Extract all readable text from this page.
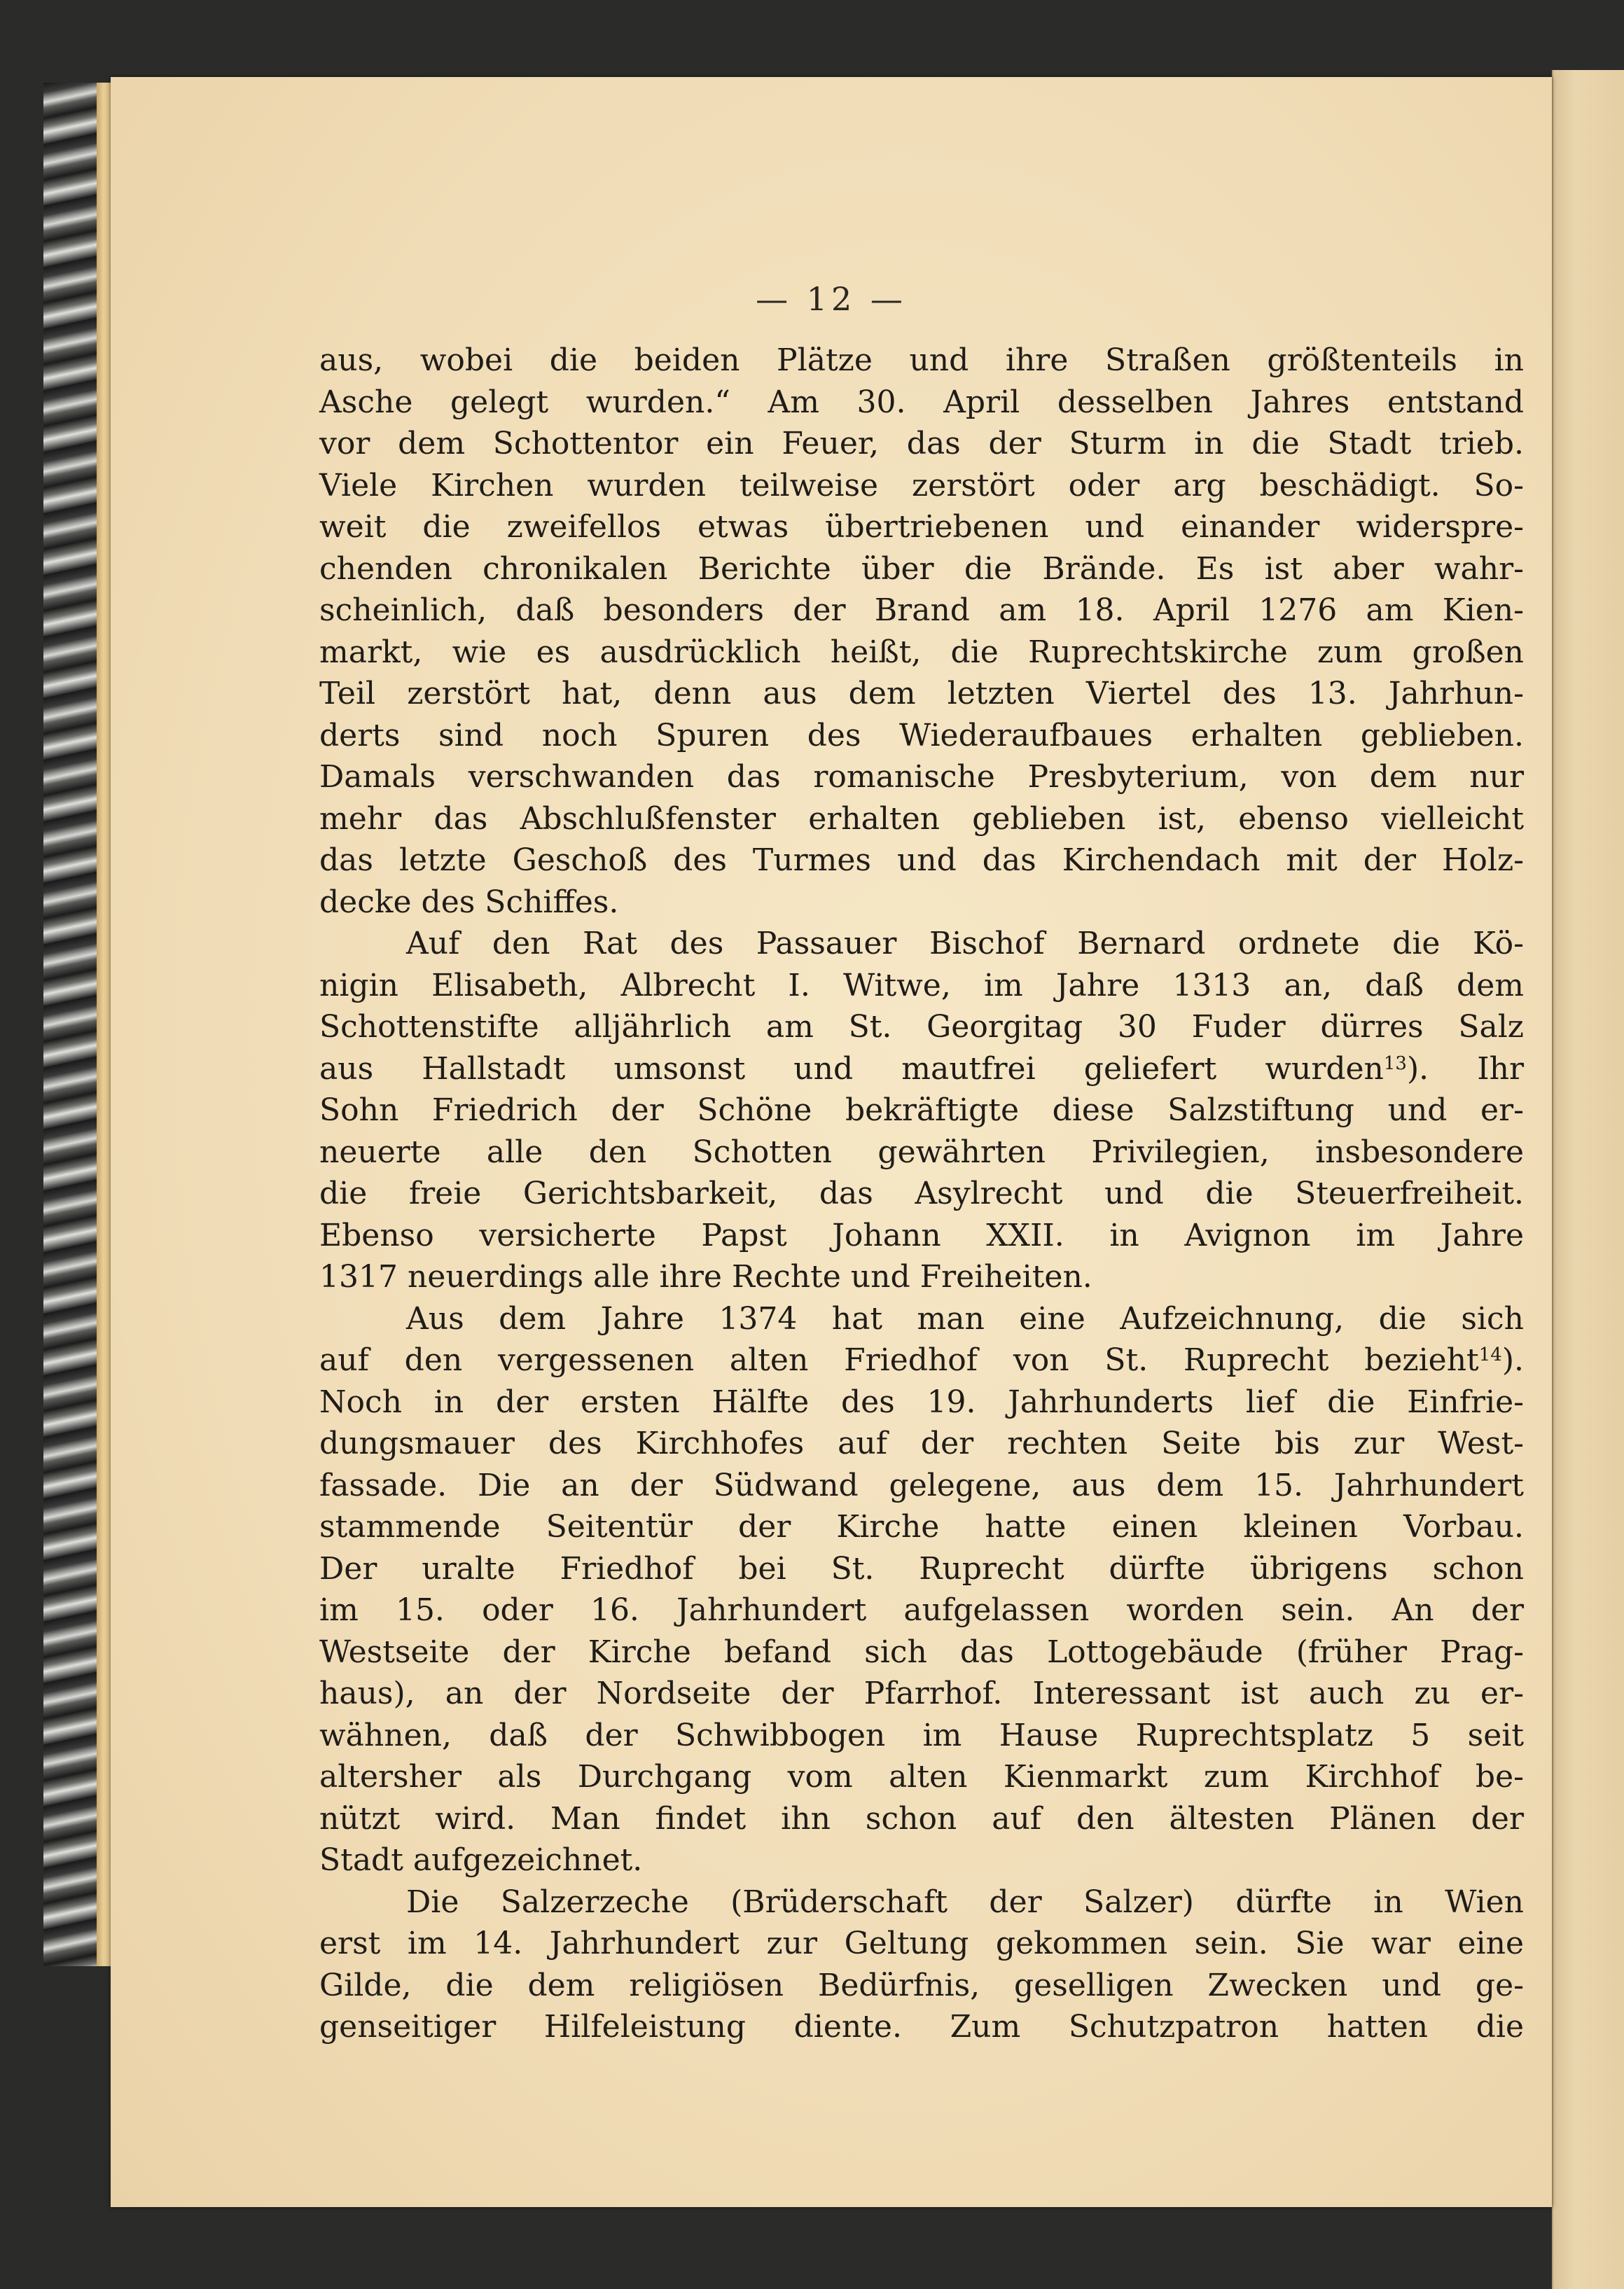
— 12 —
aus, wobei die beiden Plätze und ihre Straßen größtenteils in
Asche gelegt wurden.“ Am 30. April desselben Jahres entstand
vor dem Schottentor ein Feuer, das der Sturm in die Stadt trieb.
Viele Kirchen wurden teilweise zerstört oder arg beschädigt. So-
weit die zweifellos etwas übertriebenen und einander widerspre-
chenden chronikalen Berichte über die Brände. Es ist aber wahr-
scheinlich, daß besonders der Brand am 18. April 1276 am Kien-
markt, wie es ausdrücklich heißt, die Ruprechtskirche zum großen
Teil zerstört hat, denn aus dem letzten Viertel des 13. Jahrhun-
derts sind noch Spuren des Wiederaufbaues erhalten geblieben.
Damals verschwanden das romanische Presbyterium, von dem nur
mehr das Abschlußfenster erhalten geblieben ist, ebenso vielleicht
das letzte Geschoß des Turmes und das Kirchendach mit der Holz-
decke des Schiffes.
Auf den Rat des Passauer Bischof Bernard ordnete die Kö-
nigin Elisabeth, Albrecht I. Witwe, im Jahre 1313 an, daß dem
Schottenstifte alljährlich am St. Georgitag 30 Fuder dürres Salz
aus Hallstadt umsonst und mautfrei geliefert wurden$^{13}$). Ihr
Sohn Friedrich der Schöne bekräftigte diese Salzstiftung und er-
neuerte alle den Schotten gewährten Privilegien, insbesondere
die freie Gerichtsbarkeit, das Asylrecht und die Steuerfreiheit.
Ebenso versicherte Papst Johann XXII. in Avignon im Jahre
1317 neuerdings alle ihre Rechte und Freiheiten.
Aus dem Jahre 1374 hat man eine Aufzeichnung, die sich
auf den vergessenen alten Friedhof von St. Ruprecht bezieht$^{14}$).
Noch in der ersten Hälfte des 19. Jahrhunderts lief die Einfrie-
dungsmauer des Kirchhofes auf der rechten Seite bis zur West-
fassade. Die an der Südwand gelegene, aus dem 15. Jahrhundert
stammende Seitentür der Kirche hatte einen kleinen Vorbau.
Der uralte Friedhof bei St. Ruprecht dürfte übrigens schon
im 15. oder 16. Jahrhundert aufgelassen worden sein. An der
Westseite der Kirche befand sich das Lottogebäude (früher Prag-
haus), an der Nordseite der Pfarrhof. Interessant ist auch zu er-
wähnen, daß der Schwibbogen im Hause Ruprechtsplatz 5 seit
altersher als Durchgang vom alten Kienmarkt zum Kirchhof be-
nützt wird. Man findet ihn schon auf den ältesten Plänen der
Stadt aufgezeichnet.
Die Salzerzeche (Brüderschaft der Salzer) dürfte in Wien
erst im 14. Jahrhundert zur Geltung gekommen sein. Sie war eine
Gilde, die dem religiösen Bedürfnis, geselligen Zwecken und ge-
genseitiger Hilfeleistung diente. Zum Schutzpatron hatten die
